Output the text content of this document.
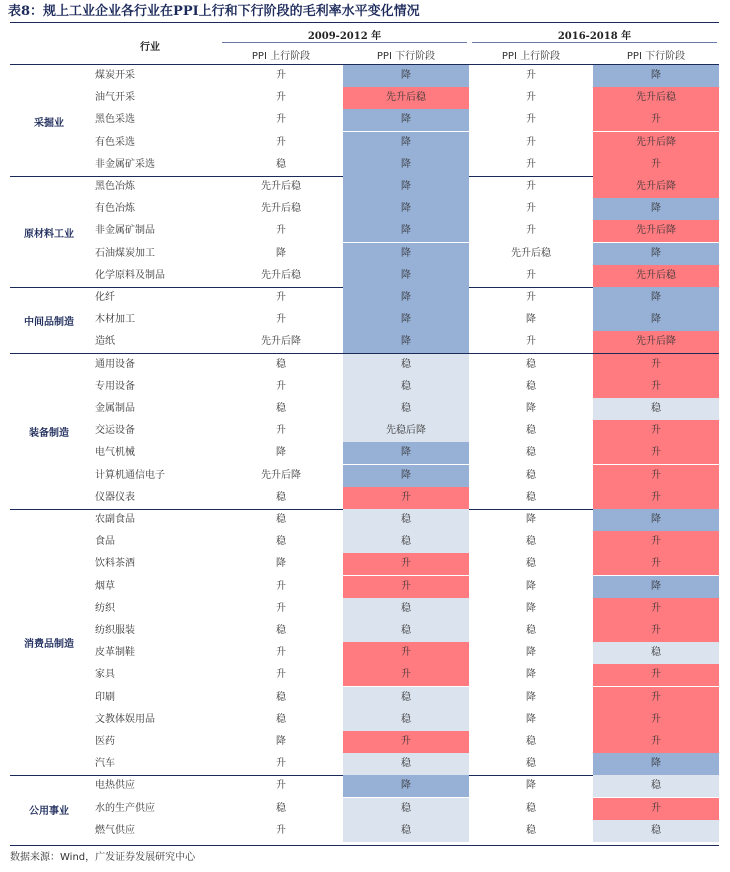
表8：规上工业企业各行业在PPI上行和下行阶段的毛利率水平变化情况
行业
2009-2012 年	2016-2018 年
PPI 上行阶段	PPI 下行阶段	PPI 上行阶段	PPI 下行阶段
煤炭开采	升	降	升	降
油气开采	升	先升后稳	升	先升后稳
黑色采选	升	降	升	升
有色采选	升	降	升	先升后降
非金属矿采选	稳	降	升	升
采掘业
黑色冶炼	先升后稳	降	升	先升后降
有色冶炼	先升后稳	降	升	降
非金属矿制品	升	降	升	先升后降
石油煤炭加工	降	降	先升后稳	降
化学原料及制品	先升后稳	降	升	先升后稳
原材料工业
化纤	升	降	升	降
木材加工	升	降	降	降
造纸	先升后降	降	升	先升后降
中间品制造
通用设备	稳	稳	稳	升
专用设备	升	稳	稳	升
金属制品	稳	稳	降	稳
交运设备	升	先稳后降	稳	升
电气机械	降	降	稳	升
计算机通信电子	先升后降	降	稳	升
仪器仪表	稳	升	稳	升
装备制造
农副食品	稳	稳	降	降
食品	稳	稳	稳	升
饮料茶酒	降	升	稳	升
烟草	升	升	降	降
纺织	升	稳	降	升
纺织服装	稳	稳	稳	升
皮革制鞋	升	升	降	稳
家具	升	升	降	升
印刷	稳	稳	降	升
文教体娱用品	稳	稳	降	升
医药	降	升	稳	升
汽车	升	稳	稳	降
消费品制造
电热供应	升	降	降	稳
水的生产供应	稳	稳	稳	升
燃气供应	升	稳	稳	稳
公用事业
数据来源：Wind，广发证券发展研究中心
